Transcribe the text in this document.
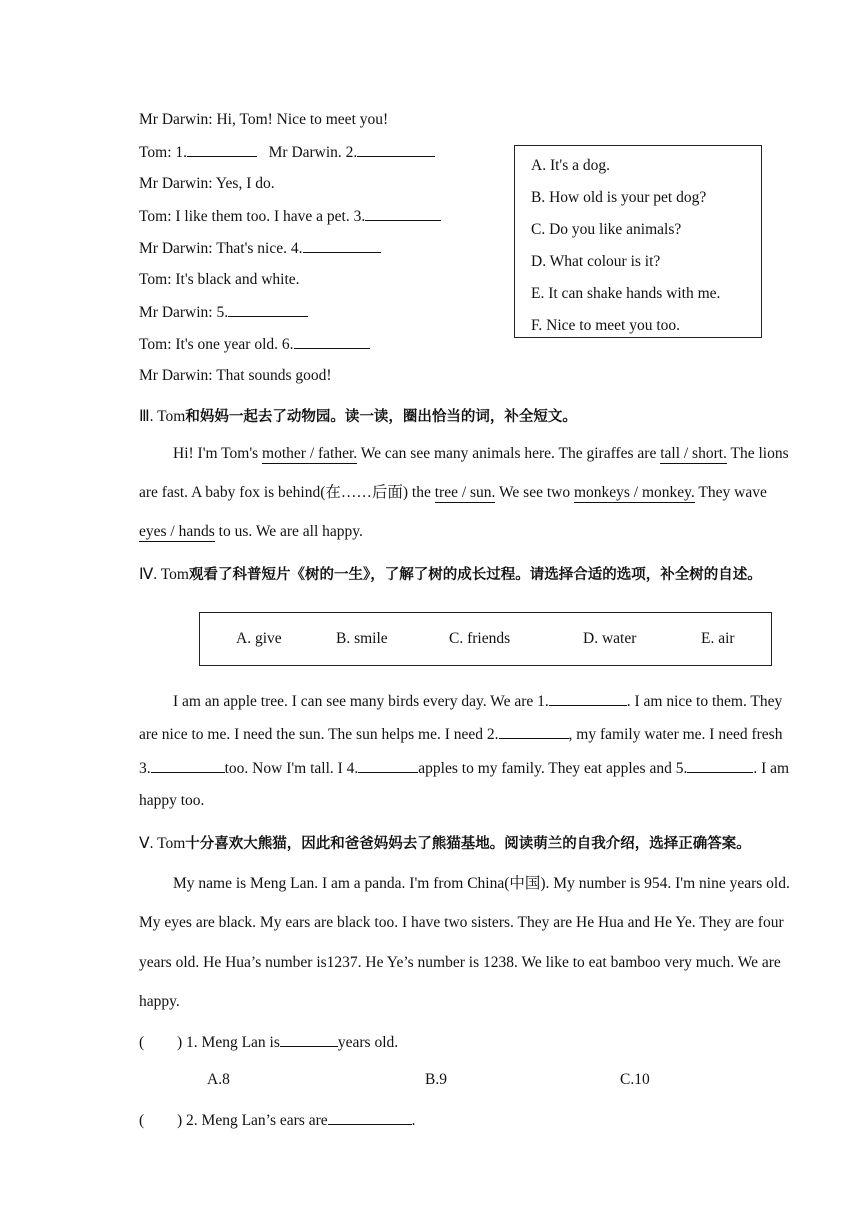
Mr Darwin: Hi, Tom! Nice to meet you!
Tom: 1.	Mr Darwin. 2.
Mr Darwin: Yes, I do.
Tom: I like them too. I have a pet. 3.
Mr Darwin: That's nice. 4.
Tom: It's black and white.
Mr Darwin: 5.
Tom: It's one year old. 6.
Mr Darwin: That sounds good!
A. It's a dog.
B. How old is your pet dog?
C. Do you like animals?
D. What colour is it?
E. It can shake hands with me.
F. Nice to meet you too.
Ⅲ. Tom和妈妈一起去了动物园。读一读，圈出恰当的词，补全短文。
Hi! I'm Tom's mother / father. We can see many animals here. The giraffes are tall / short. The lions
are fast. A baby fox is behind(在……后面) the tree / sun. We see two monkeys / monkey. They wave
eyes / hands to us. We are all happy.
Ⅳ. Tom观看了科普短片《树的一生》，了解了树的成长过程。请选择合适的选项，补全树的自述。
A. give	B. smile	C. friends	D. water	E. air
I am an apple tree. I can see many birds every day. We are 1.	. I am nice to them. They
are nice to me. I need the sun. The sun helps me. I need 2.	, my family water me. I need fresh
3.	too. Now I'm tall. I 4.	apples to my family. They eat apples and 5.	. I am
happy too.
Ⅴ. Tom十分喜欢大熊猫，因此和爸爸妈妈去了熊猫基地。阅读萌兰的自我介绍，选择正确答案。
My name is Meng Lan. I am a panda. I'm from China(中国). My number is 954. I'm nine years old.
My eyes are black. My ears are black too. I have two sisters. They are He Hua and He Ye. They are four
years old. He Hua’s number is1237. He Ye’s number is 1238. We like to eat bamboo very much. We are
happy.
( ) 1. Meng Lan is	years old.
A.8	B.9	C.10
( ) 2. Meng Lan’s ears are	.
